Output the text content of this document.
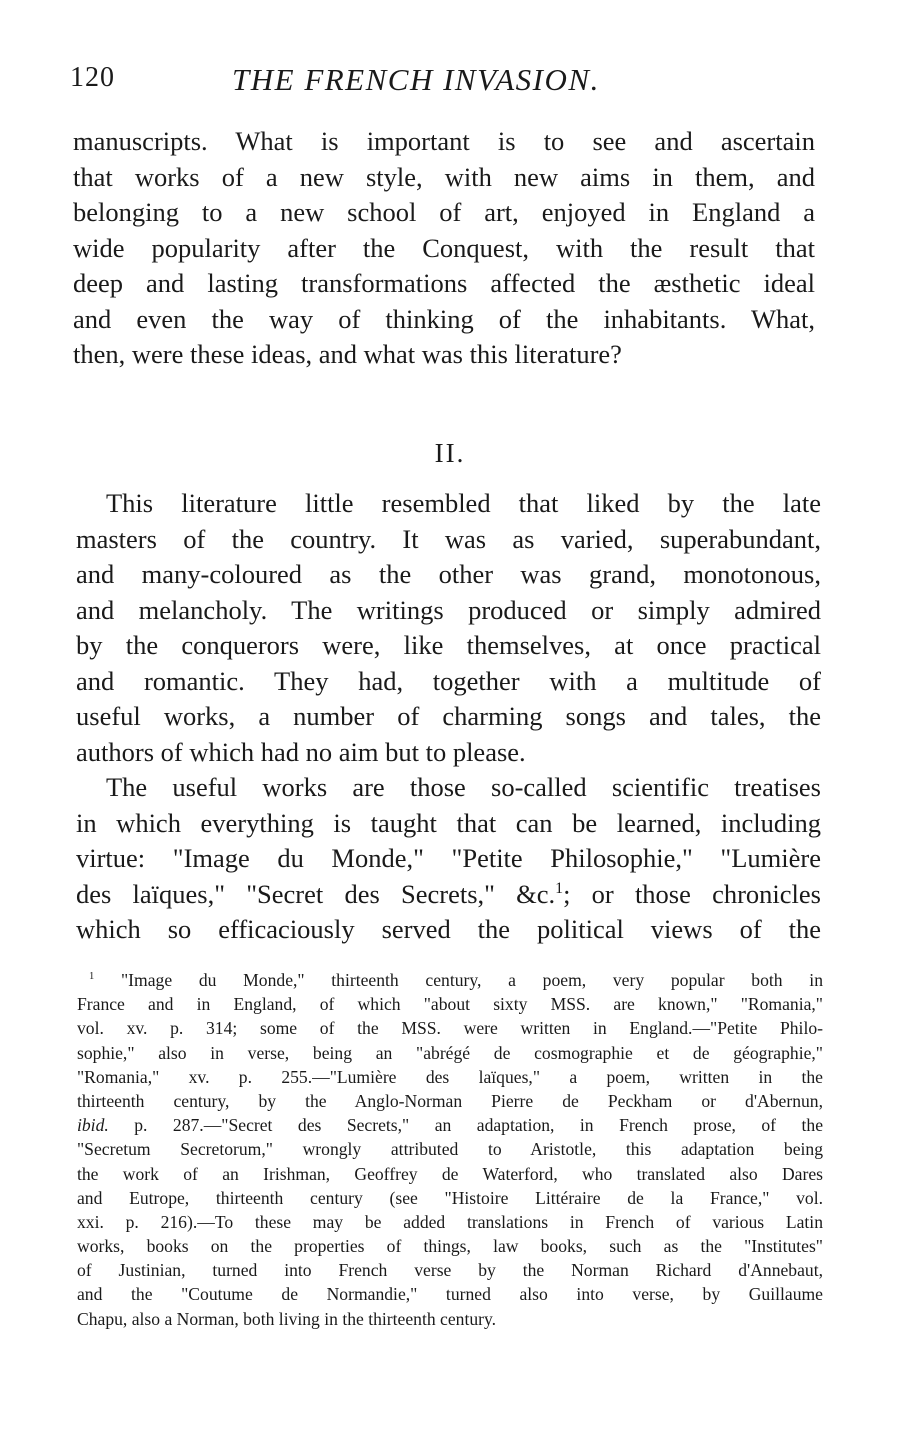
120	THE FRENCH INVASION.
manuscripts. What is important is to see and ascertain
that works of a new style, with new aims in them, and
belonging to a new school of art, enjoyed in England a
wide popularity after the Conquest, with the result that
deep and lasting transformations affected the æsthetic ideal
and even the way of thinking of the inhabitants. What,
then, were these ideas, and what was this literature?
II.
This literature little resembled that liked by the late
masters of the country. It was as varied, superabundant,
and many-coloured as the other was grand, monotonous,
and melancholy. The writings produced or simply admired
by the conquerors were, like themselves, at once practical
and romantic. They had, together with a multitude of
useful works, a number of charming songs and tales, the
authors of which had no aim but to please.
The useful works are those so-called scientific treatises
in which everything is taught that can be learned, including
virtue: "Image du Monde," "Petite Philosophie," "Lumière
des laïques," "Secret des Secrets," &c.$^1$; or those chronicles
which so efficaciously served the political views of the
$^1$ "Image du Monde," thirteenth century, a poem, very popular both in
France and in England, of which "about sixty MSS. are known," "Romania,"
vol. xv. p. 314; some of the MSS. were written in England.—"Petite Philo-
sophie," also in verse, being an "abrégé de cosmographie et de géographie,"
"Romania," xv. p. 255.—"Lumière des laïques," a poem, written in the
thirteenth century, by the Anglo-Norman Pierre de Peckham or d'Abernun,
ibid. p. 287.—"Secret des Secrets," an adaptation, in French prose, of the
"Secretum Secretorum," wrongly attributed to Aristotle, this adaptation being
the work of an Irishman, Geoffrey de Waterford, who translated also Dares
and Eutrope, thirteenth century (see "Histoire Littéraire de la France," vol.
xxi. p. 216).—To these may be added translations in French of various Latin
works, books on the properties of things, law books, such as the "Institutes"
of Justinian, turned into French verse by the Norman Richard d'Annebaut,
and the "Coutume de Normandie," turned also into verse, by Guillaume
Chapu, also a Norman, both living in the thirteenth century.
